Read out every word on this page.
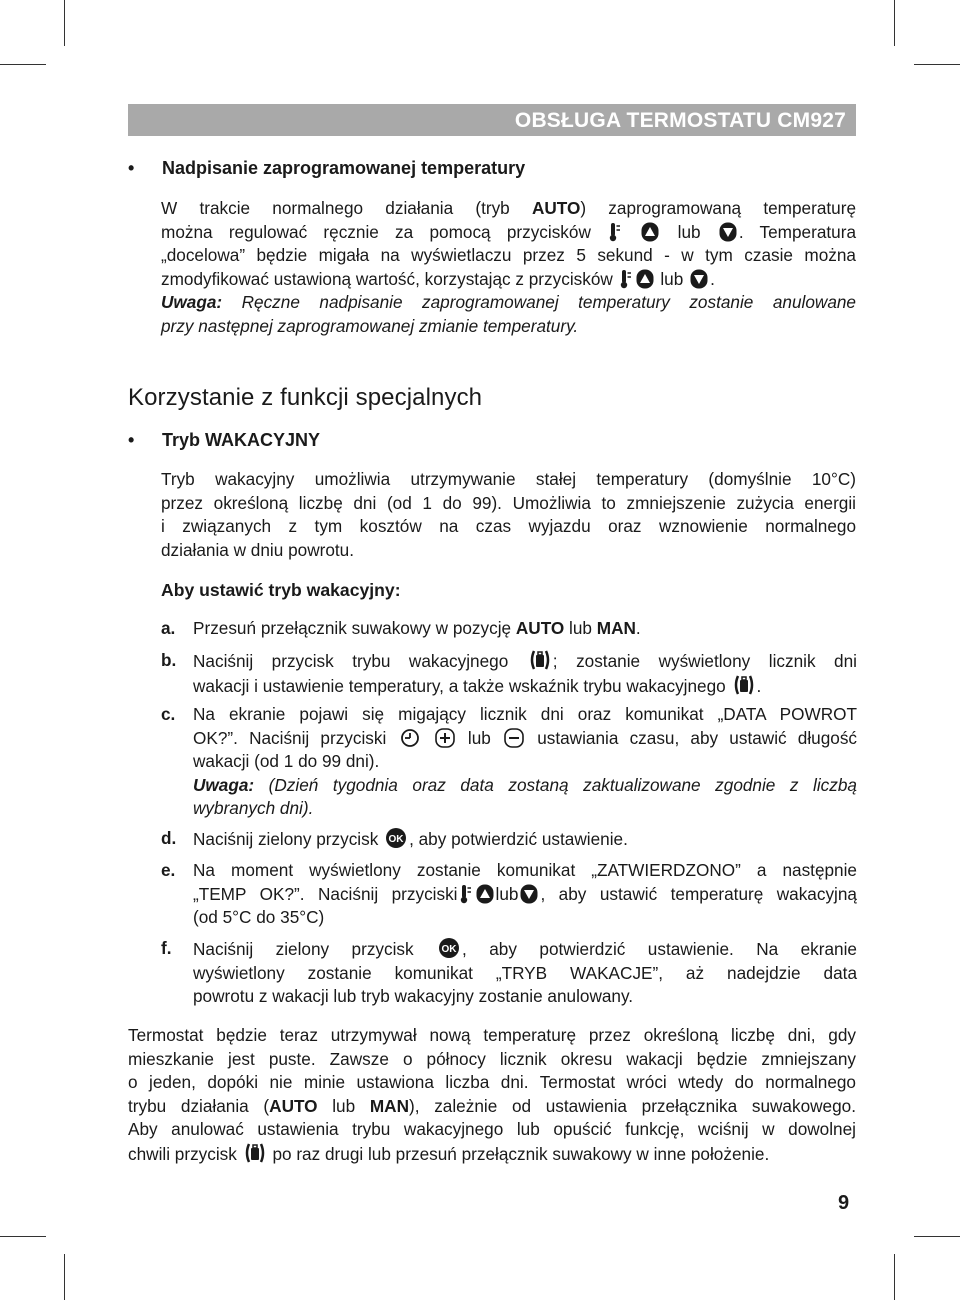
OBSŁUGA TERMOSTATU CM927
• Nadpisanie zaprogramowanej temperatury
W trakcie normalnego działania (tryb AUTO) zaprogramowaną temperaturę
można regulować ręcznie za pomocą przycisków	lub . Temperatura
„docelowa” będzie migała na wyświetlaczu przez 5 sekund - w tym czasie można
zmodyfikować ustawioną wartość, korzystając z przycisków	lub .
Uwaga: Ręczne nadpisanie zaprogramowanej temperatury zostanie anulowane
przy następnej zaprogramowanej zmianie temperatury.
Korzystanie z funkcji specjalnych
• Tryb WAKACYJNY
Tryb wakacyjny umożliwia utrzymywanie stałej temperatury (domyślnie 10°C)
przez określoną liczbę dni (od 1 do 99). Umożliwia to zmniejszenie zużycia energii
i związanych z tym kosztów na czas wyjazdu oraz wznowienie normalnego
działania w dniu powrotu.
Aby ustawić tryb wakacyjny:
a. Przesuń przełącznik suwakowy w pozycję AUTO lub MAN.
b. Naciśnij przycisk trybu wakacyjnego	; zostanie wyświetlony licznik dni
wakacji i ustawienie temperatury, a także wskaźnik trybu wakacyjnego .
c. Na ekranie pojawi się migający licznik dni oraz komunikat „DATA POWROT
OK?”. Naciśnij przyciski	lub	ustawiania czasu, aby ustawić długość
wakacji (od 1 do 99 dni).
Uwaga: (Dzień tygodnia oraz data zostaną zaktualizowane zgodnie z liczbą
wybranych dni).
d. Naciśnij zielony przycisk OK , aby potwierdzić ustawienie.
e. Na moment wyświetlony zostanie komunikat „ZATWIERDZONO” a następnie
„TEMP OK?”. Naciśnij przyciski lub , aby ustawić temperaturę wakacyjną
(od 5°C do 35°C)
f. Naciśnij zielony przycisk	OK , aby potwierdzić ustawienie. Na ekranie
wyświetlony zostanie komunikat „TRYB WAKACJE”, aż nadejdzie data
powrotu z wakacji lub tryb wakacyjny zostanie anulowany.
Termostat będzie teraz utrzymywał nową temperaturę przez określoną liczbę dni, gdy
mieszkanie jest puste. Zawsze o północy licznik okresu wakacji będzie zmniejszany
o jeden, dopóki nie minie ustawiona liczba dni. Termostat wróci wtedy do normalnego
trybu działania (AUTO lub MAN), zależnie od ustawienia przełącznika suwakowego.
Aby anulować ustawienia trybu wakacyjnego lub opuścić funkcję, wciśnij w dowolnej
chwili przycisk po raz drugi lub przesuń przełącznik suwakowy w inne położenie.
9
